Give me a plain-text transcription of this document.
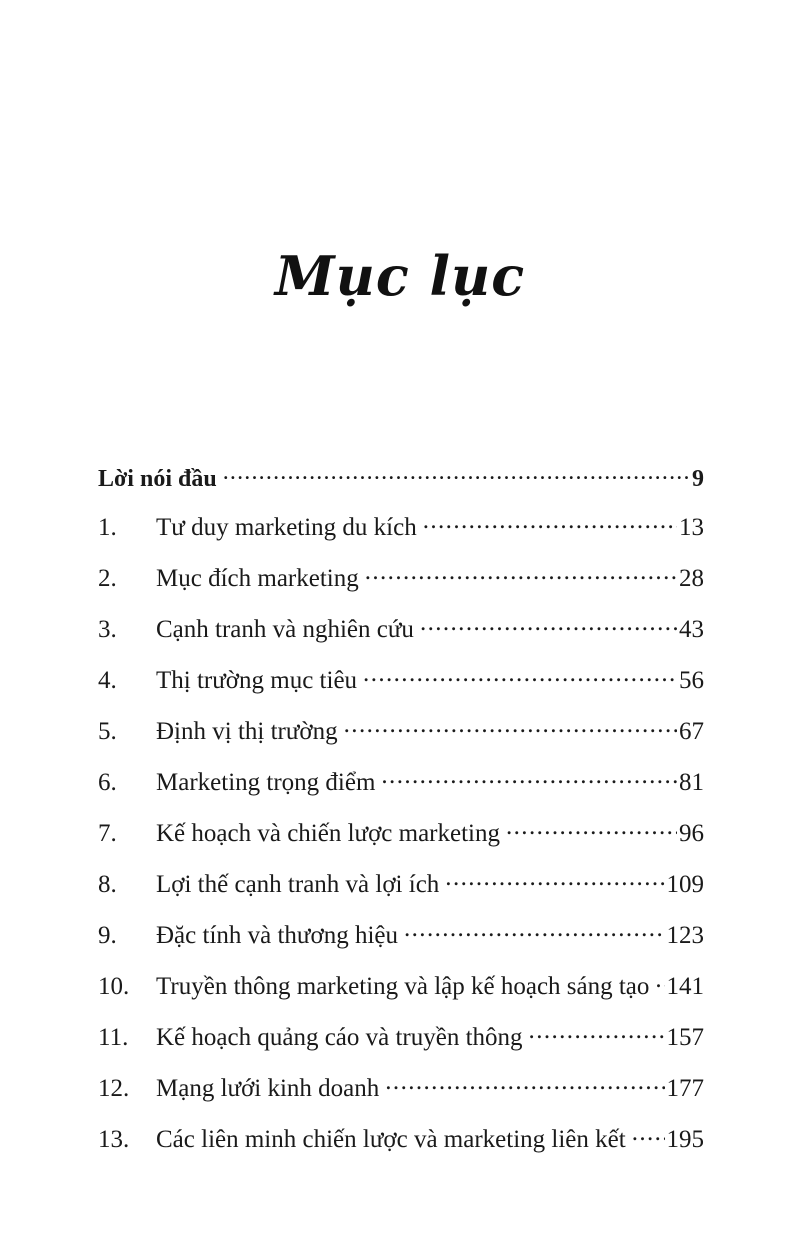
Mục lục
Lời nói đầu .....	9
1.	Tư duy marketing du kích .....	13
2.	Mục đích marketing .....	28
3.	Cạnh tranh và nghiên cứu .....	43
4.	Thị trường mục tiêu .....	56
5.	Định vị thị trường .....	67
6.	Marketing trọng điểm .....	81
7.	Kế hoạch và chiến lược marketing .....	96
8.	Lợi thế cạnh tranh và lợi ích .....	109
9.	Đặc tính và thương hiệu .....	123
10.	Truyền thông marketing và lập kế hoạch sáng tạo ..... 141
11.	Kế hoạch quảng cáo và truyền thông .....	157
12.	Mạng lưới kinh doanh .....	177
13.	Các liên minh chiến lược và marketing liên kết ..... 195
